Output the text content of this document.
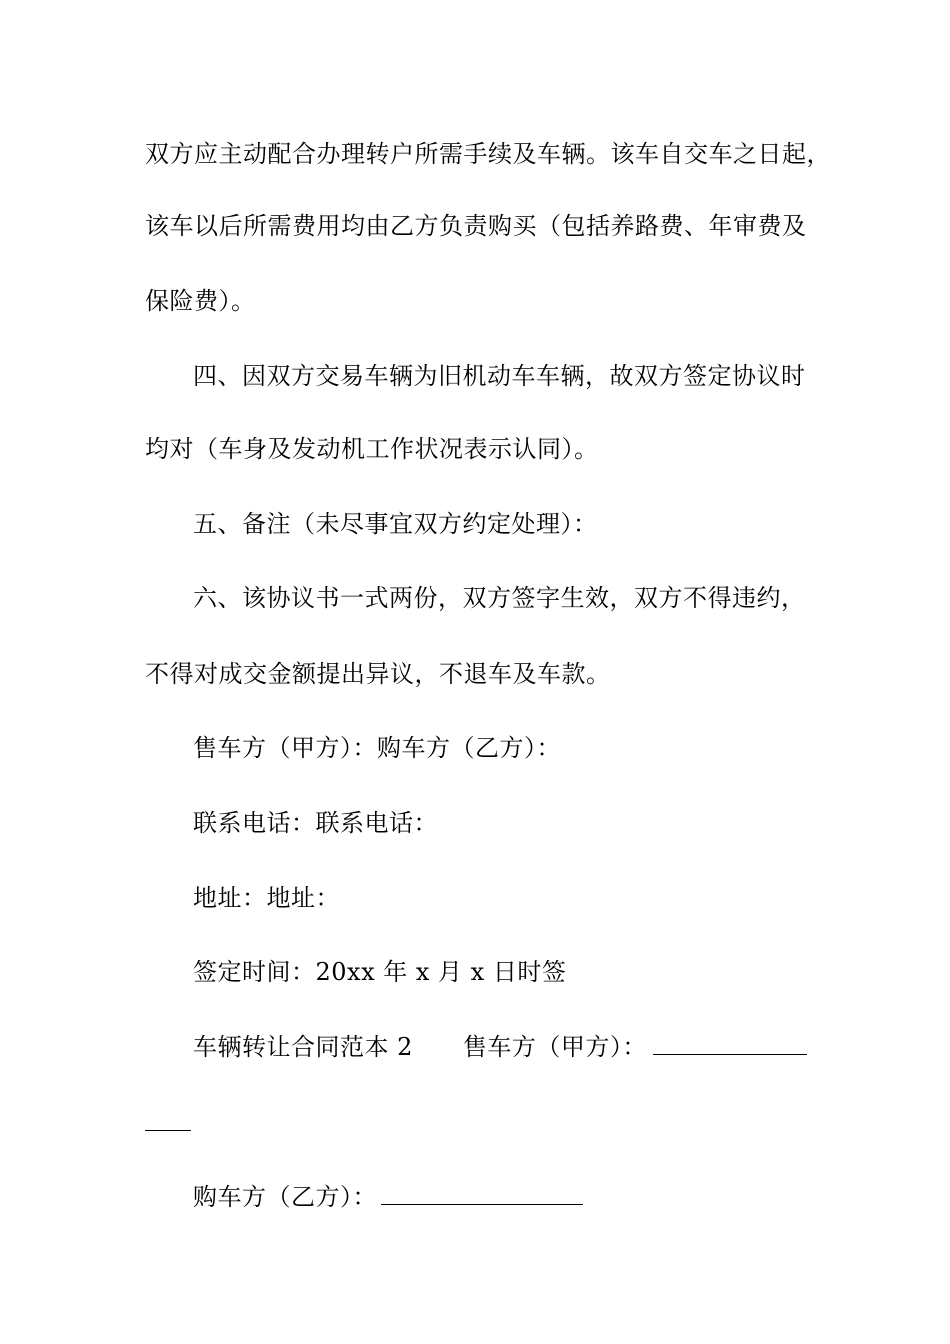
双方应主动配合办理转户所需手续及车辆。该车自交车之日起，
该车以后所需费用均由乙方负责购买（包括养路费、年审费及
保险费）。
四、因双方交易车辆为旧机动车车辆，故双方签定协议时
均对（车身及发动机工作状况表示认同）。
五、备注（未尽事宜双方约定处理）：
六、该协议书一式两份，双方签字生效，双方不得违约，
不得对成交金额提出异议，不退车及车款。
售车方（甲方）：购车方（乙方）：
联系电话：联系电话：
地址：地址：
签定时间：20xx 年 x 月 x 日时签
车辆转让合同范本 2 售车方（甲方）：
购车方（乙方）：
